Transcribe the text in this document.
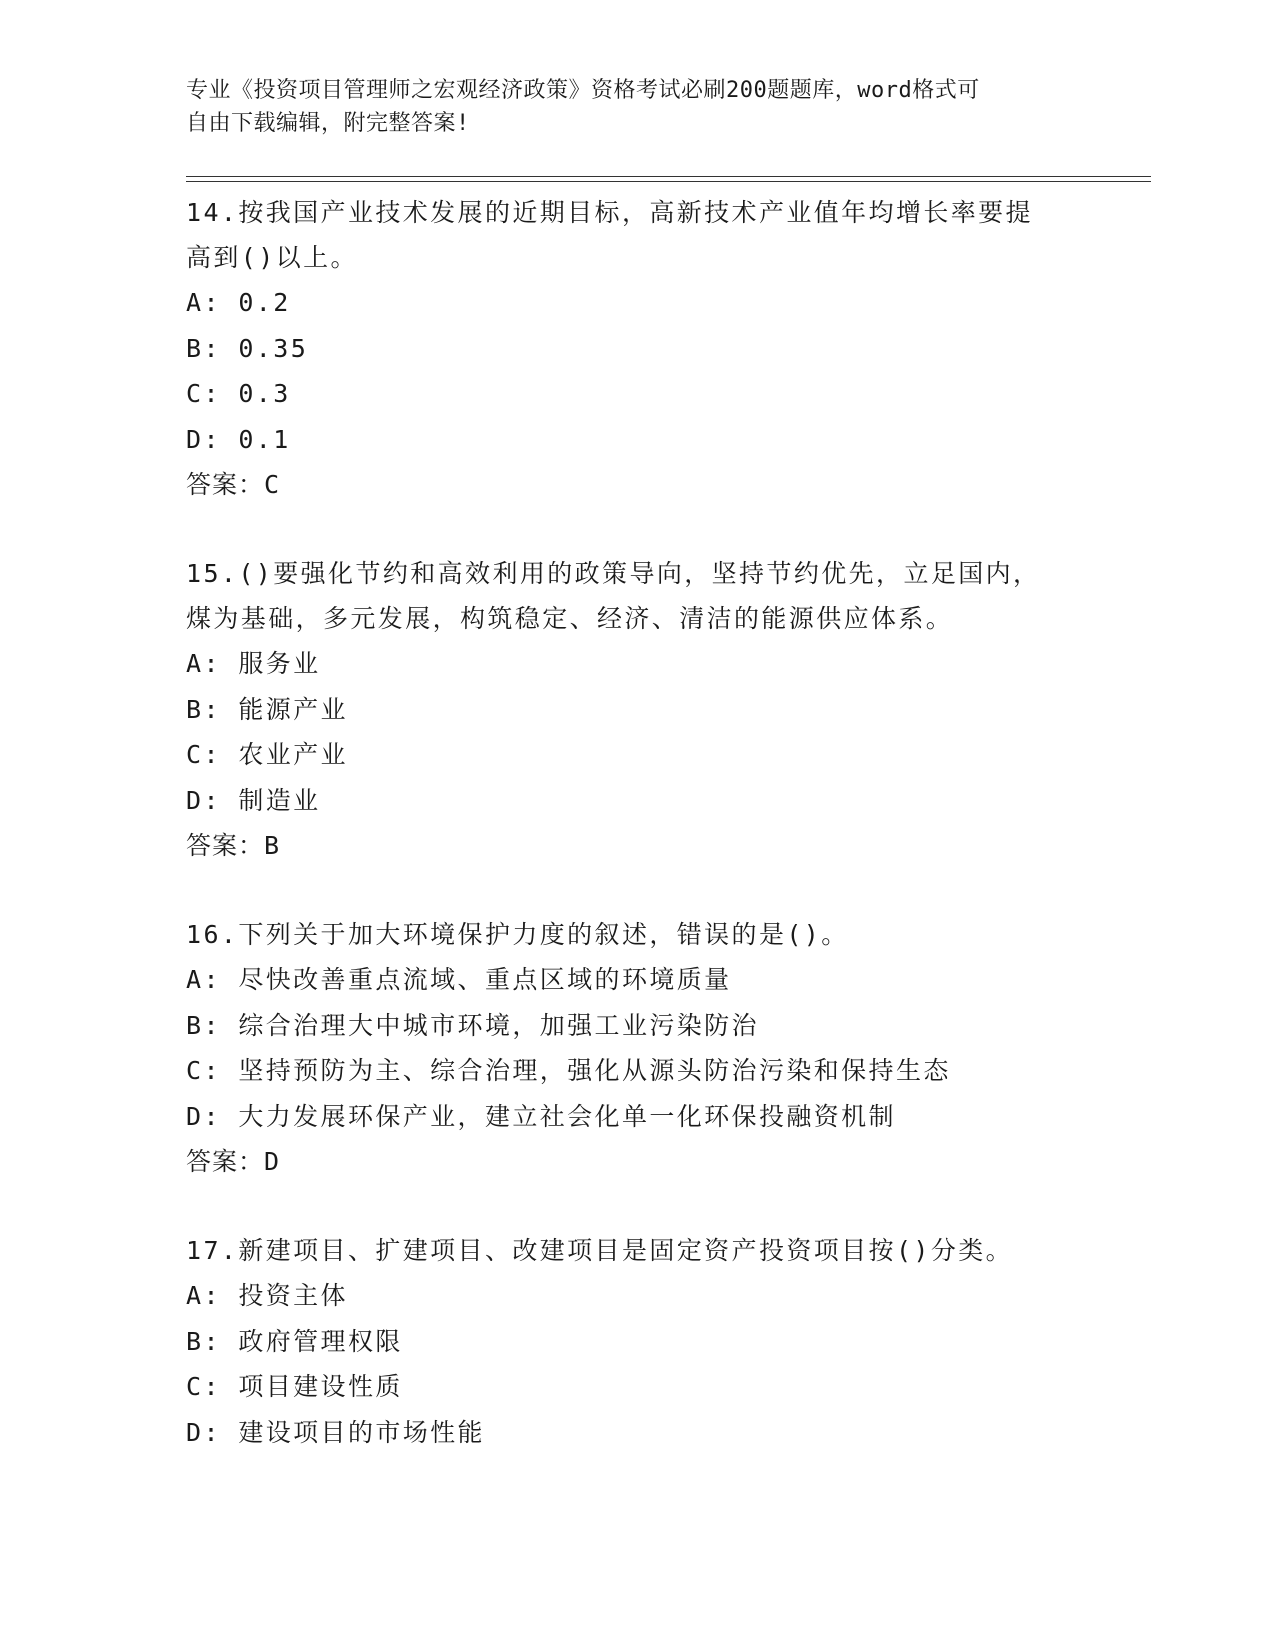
专业《投资项目管理师之宏观经济政策》资格考试必刷200题题库，word格式可
自由下载编辑，附完整答案!

14.按我国产业技术发展的近期目标，高新技术产业值年均增长率要提

高到()以上。

A: 0.2

B: 0.35

C: 0.3

D: 0.1

答案：C

15.()要强化节约和高效利用的政策导向，坚持节约优先，立足国内，

煤为基础，多元发展，构筑稳定、经济、清洁的能源供应体系。

A: 服务业

B: 能源产业

C: 农业产业

D: 制造业

答案：B

16.下列关于加大环境保护力度的叙述，错误的是()。

A: 尽快改善重点流域、重点区域的环境质量

B: 综合治理大中城市环境，加强工业污染防治

C: 坚持预防为主、综合治理，强化从源头防治污染和保持生态

D: 大力发展环保产业，建立社会化单一化环保投融资机制

答案：D

17.新建项目、扩建项目、改建项目是固定资产投资项目按()分类。

A: 投资主体

B: 政府管理权限

C: 项目建设性质

D: 建设项目的市场性能
